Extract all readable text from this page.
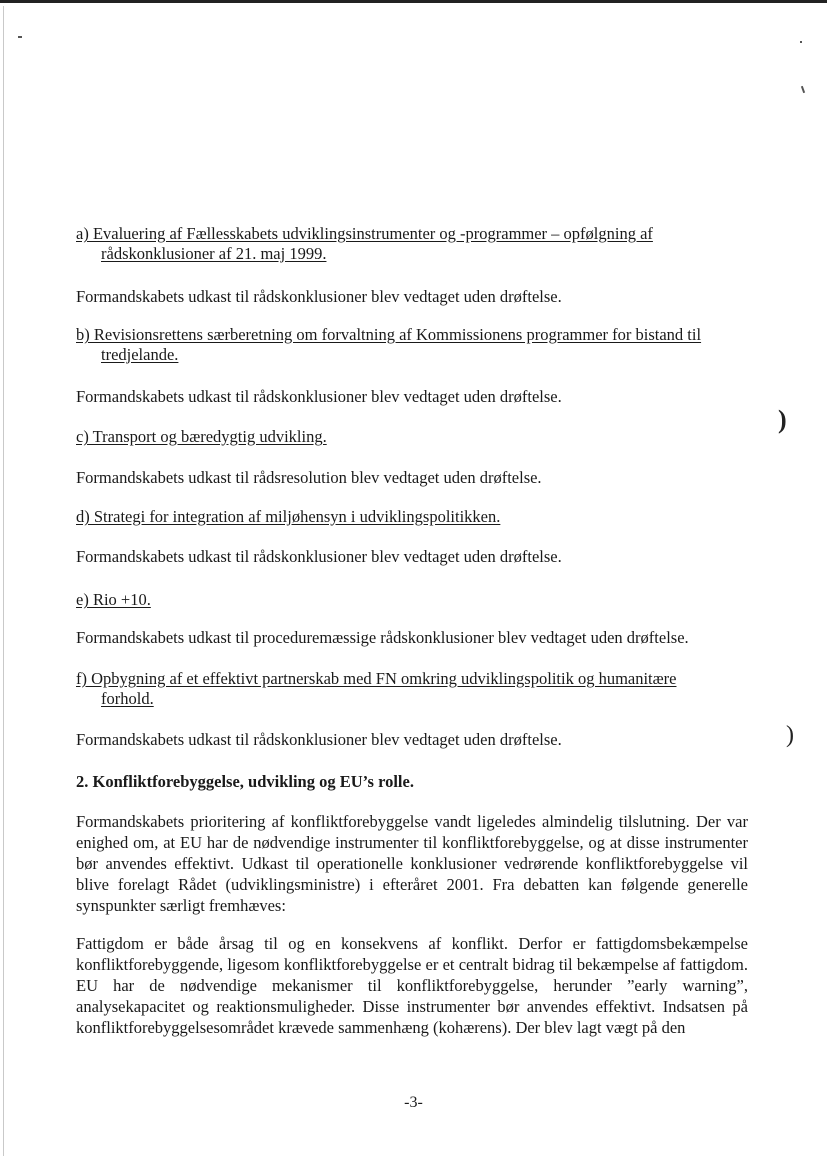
a) Evaluering af Fællesskabets udviklingsinstrumenter og -programmer – opfølgning af
rådskonklusioner af 21. maj 1999.

Formandskabets udkast til rådskonklusioner blev vedtaget uden drøftelse.

b) Revisionsrettens særberetning om forvaltning af Kommissionens programmer for bistand til
tredjelande.

Formandskabets udkast til rådskonklusioner blev vedtaget uden drøftelse.

c) Transport og bæredygtig udvikling.

Formandskabets udkast til rådsresolution blev vedtaget uden drøftelse.

d) Strategi for integration af miljøhensyn i udviklingspolitikken.

Formandskabets udkast til rådskonklusioner blev vedtaget uden drøftelse.

e) Rio +10.

Formandskabets udkast til proceduremæssige rådskonklusioner blev vedtaget uden drøftelse.

f) Opbygning af et effektivt partnerskab med FN omkring udviklingspolitik og humanitære
forhold.

Formandskabets udkast til rådskonklusioner blev vedtaget uden drøftelse.

2. Konfliktforebyggelse, udvikling og EU’s rolle.

Formandskabets prioritering af konfliktforebyggelse vandt ligeledes almindelig tilslutning. Der var enighed om, at EU har de nødvendige instrumenter til konfliktforebyggelse, og at disse instrumenter bør anvendes effektivt. Udkast til operationelle konklusioner vedrørende konfliktforebyggelse vil blive forelagt Rådet (udviklingsministre) i efteråret 2001. Fra debatten kan følgende generelle synspunkter særligt fremhæves:

Fattigdom er både årsag til og en konsekvens af konflikt. Derfor er fattigdomsbekæmpelse konfliktforebyggende, ligesom konfliktforebyggelse er et centralt bidrag til bekæmpelse af fattigdom. EU har de nødvendige mekanismer til konfliktforebyggelse, herunder ”early warning”, analysekapacitet og reaktionsmuligheder. Disse instrumenter bør anvendes effektivt. Indsatsen på konfliktforebyggelsesområdet krævede sammenhæng (kohærens). Der blev lagt vægt på den

)
)
-3-
